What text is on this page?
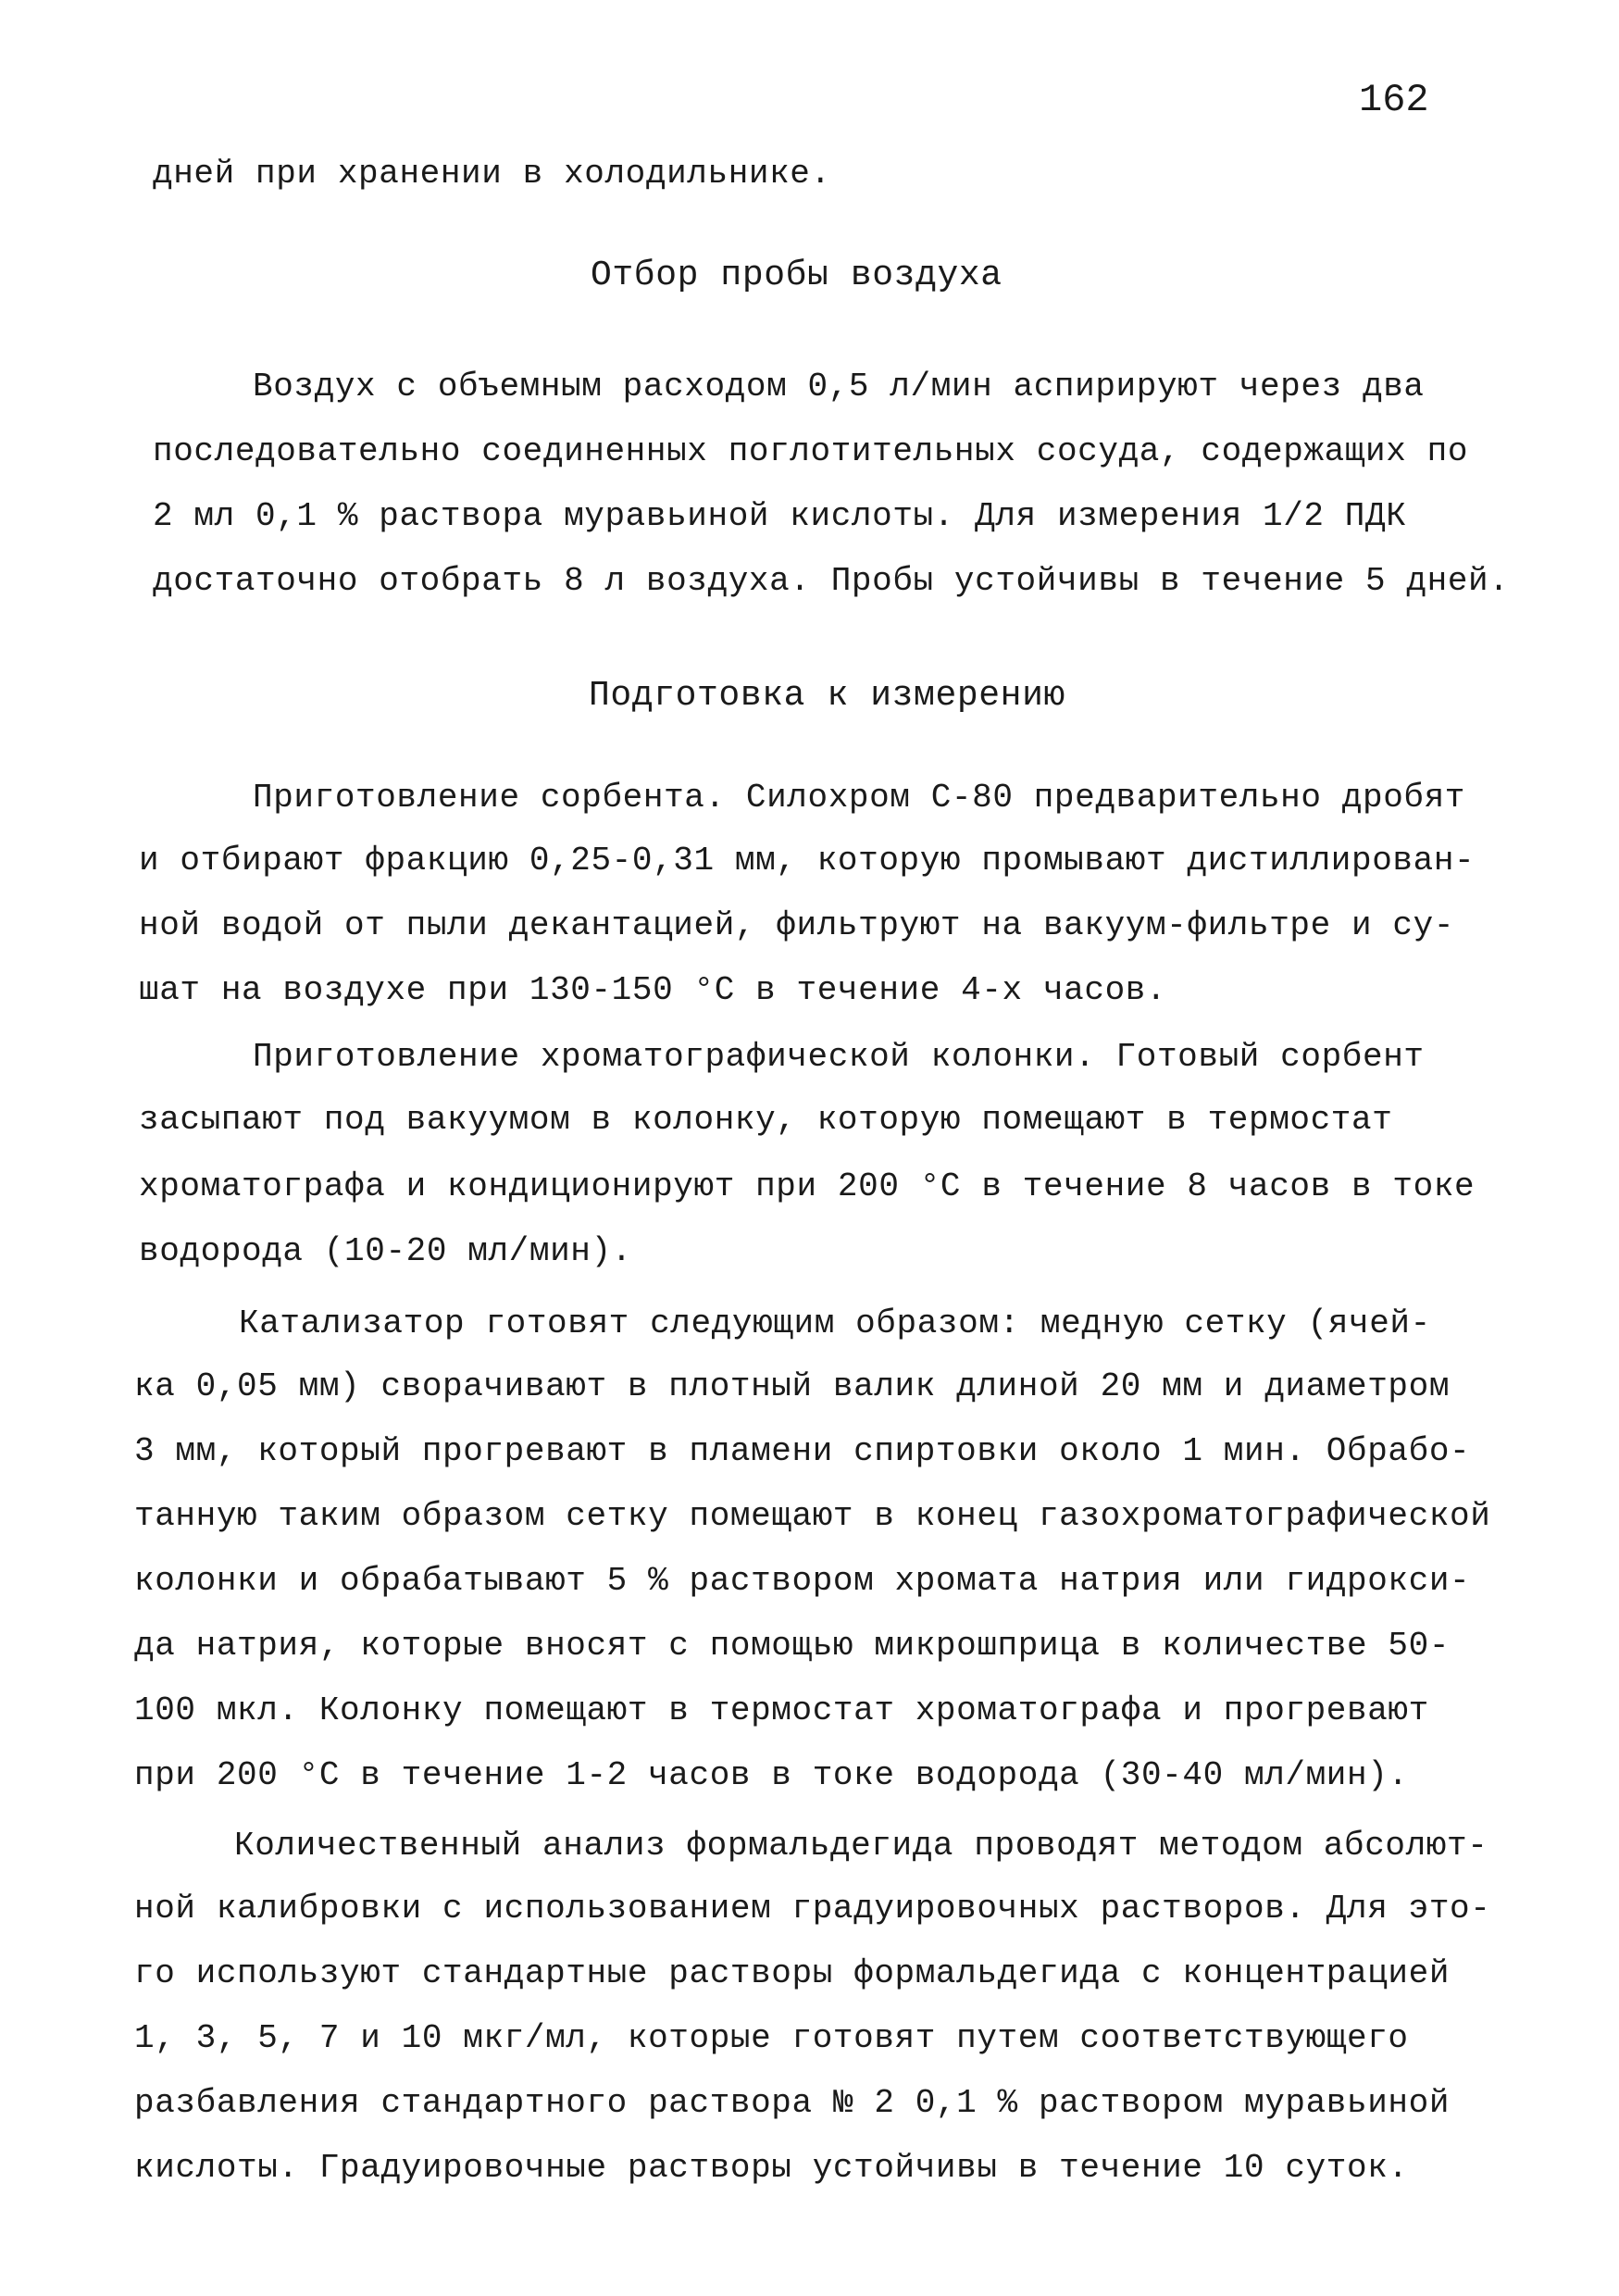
162
дней при хранении в холодильнике.
Отбор пробы воздуха
Воздух с объемным расходом 0,5 л/мин аспирируют через два
последовательно соединенных поглотительных сосуда, содержащих по
2 мл 0,1 % раствора муравьиной кислоты. Для измерения 1/2 ПДК
достаточно отобрать 8 л воздуха. Пробы устойчивы в течение 5 дней.
Подготовка к измерению
Приготовление сорбента. Силохром С-80 предварительно дробят
и отбирают фракцию 0,25-0,31 мм, которую промывают дистиллирован-
ной водой от пыли декантацией, фильтруют на вакуум-фильтре и су-
шат на воздухе при 130-150 °С в течение 4-х часов.
Приготовление хроматографической колонки. Готовый сорбент
засыпают под вакуумом в колонку, которую помещают в термостат
хроматографа и кондиционируют при 200 °С в течение 8 часов в токе
водорода (10-20 мл/мин).
Катализатор готовят следующим образом: медную сетку (ячей-
ка 0,05 мм) сворачивают в плотный валик длиной 20 мм и диаметром
3 мм, который прогревают в пламени спиртовки около 1 мин. Обрабо-
танную таким образом сетку помещают в конец газохроматографической
колонки и обрабатывают 5 % раствором хромата натрия или гидрокси-
да натрия, которые вносят с помощью микрошприца в количестве 50-
100 мкл. Колонку помещают в термостат хроматографа и прогревают
при 200 °С в течение 1-2 часов в токе водорода (30-40 мл/мин).
Количественный анализ формальдегида проводят методом абсолют-
ной калибровки с использованием градуировочных растворов. Для это-
го используют стандартные растворы формальдегида с концентрацией
1, 3, 5, 7 и 10 мкг/мл, которые готовят путем соответствующего
разбавления стандартного раствора № 2 0,1 % раствором муравьиной
кислоты. Градуировочные растворы устойчивы в течение 10 суток.
